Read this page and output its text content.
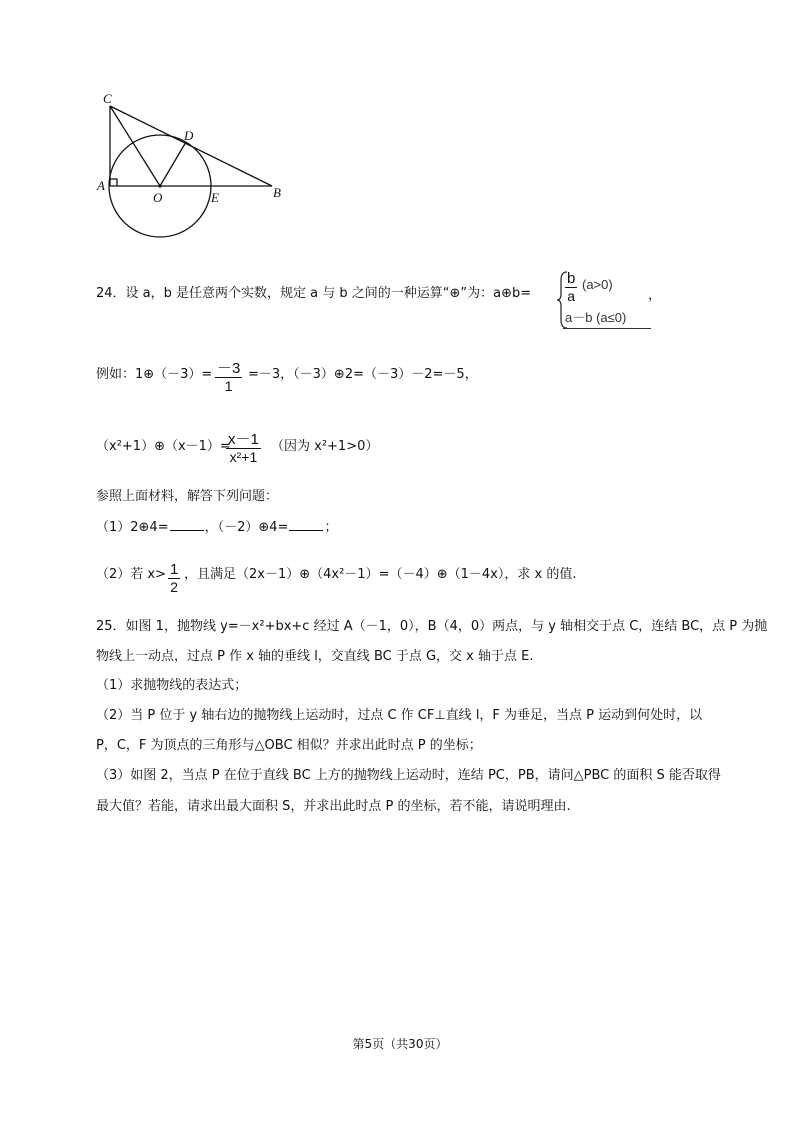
C
D
A
O	E	B
24．设 a，b 是任意两个实数，规定 a 与 b 之间的一种运算“⊕”为：a⊕b=
b
a
(a>0)
a－b (a≤0)
，
例如：1⊕（－3）= －3
1
=－3，（－3）⊕2=（－3）－2=－5，
（x²+1）⊕（x－1）=
x－1
x²+1
（因为 x²+1>0）
参照上面材料，解答下列问题：
（1）2⊕4=	，（－2）⊕4=	；
（2）若 x> 1
2
，且满足（2x－1）⊕（4x²－1）=（－4）⊕（1－4x），求 x 的值.
25．如图 1，抛物线 y=－x²+bx+c 经过 A（－1，0），B（4，0）两点，与 y 轴相交于点 C，连结 BC，点 P 为抛
物线上一动点，过点 P 作 x 轴的垂线 l，交直线 BC 于点 G，交 x 轴于点 E.
（1）求抛物线的表达式；
（2）当 P 位于 y 轴右边的抛物线上运动时，过点 C 作 CF⊥直线 l，F 为垂足，当点 P 运动到何处时，以
P，C，F 为顶点的三角形与△OBC 相似？并求出此时点 P 的坐标；
（3）如图 2，当点 P 在位于直线 BC 上方的抛物线上运动时，连结 PC，PB，请问△PBC 的面积 S 能否取得
最大值？若能，请求出最大面积 S，并求出此时点 P 的坐标，若不能，请说明理由.
第5页（共30页）
